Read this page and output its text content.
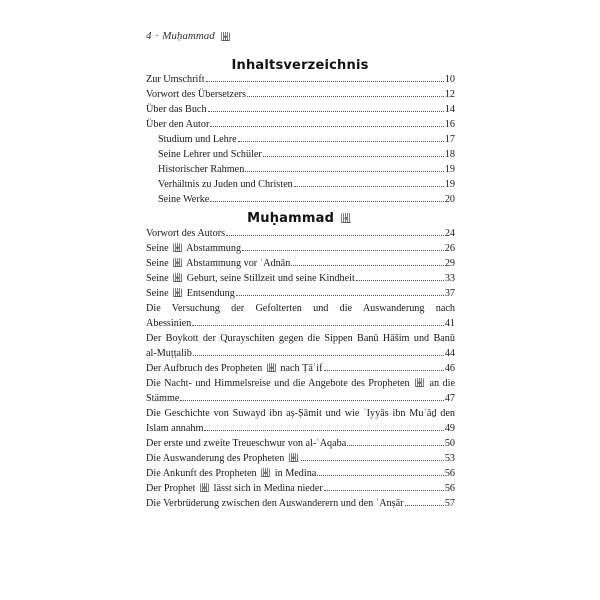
4 · Muḥammad
Inhaltsverzeichnis
Zur Umschrift	10
Vorwort des Übersetzers	12
Über das Buch	14
Über den Autor	16
Studium und Lehre	17
Seine Lehrer und Schüler	18
Historischer Rahmen	19
Verhältnis zu Juden und Christen	19
Seine Werke	20
Muḥammad
Vorwort des Autors	24
Seine Abstammung	26
Seine Abstammung vor ʿAdnān	29
Seine Geburt, seine Stillzeit und seine Kindheit	33
Seine Entsendung	37
Die Versuchung der Gefolterten und die Auswanderung nach
Abessinien	41
Der Boykott der Qurayschiten gegen die Sippen Banū Hāšim und Banū
al-Muṭṭalib	44
Der Aufbruch des Propheten nach Ṭāʾif	46
Die Nacht- und Himmelsreise und die Angebote des Propheten an die
Stämme	47
Die Geschichte von Suwayd ibn aṣ-Ṣāmit und wie ʾIyyās ibn Muʿāḏ den
Islam annahm	49
Der erste und zweite Treueschwur von al-ʿAqaba	50
Die Auswanderung des Propheten	53
Die Ankunft des Propheten in Medina	56
Der Prophet lässt sich in Medina nieder	56
Die Verbrüderung zwischen den Auswanderern und den ʾAnṣār	57
